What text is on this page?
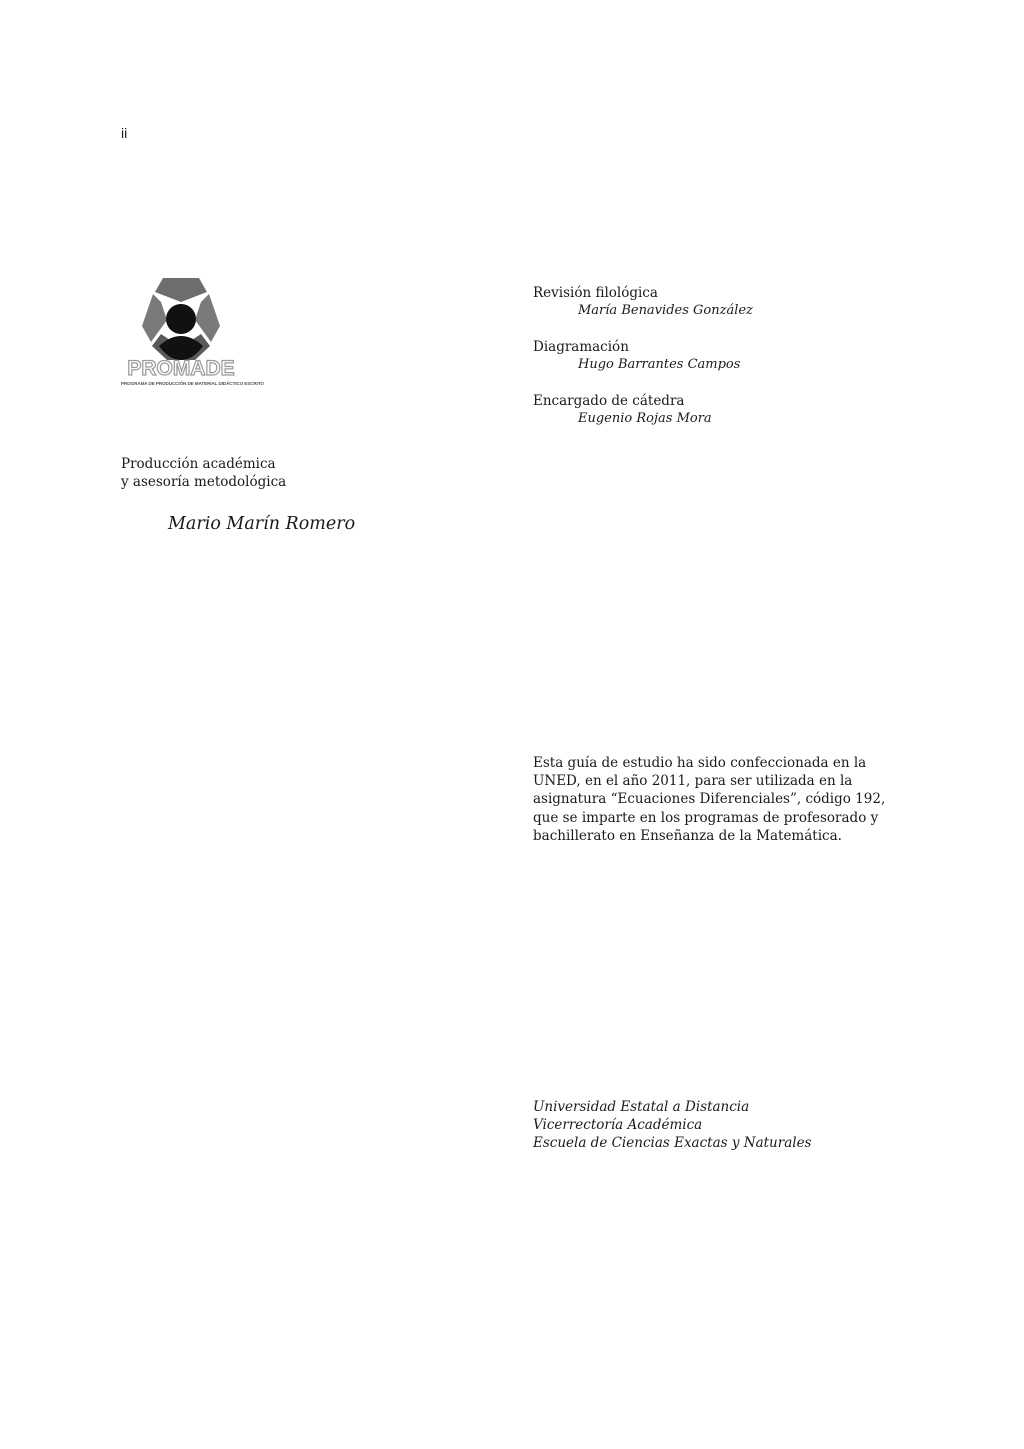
ii
PROMADE
PROGRAMA DE PRODUCCIÓN DE MATERIAL DIDÁCTICO ESCRITO
Producción académica
y asesoría metodológica
Mario Marín Romero
Revisión filológica
María Benavides González
Diagramación
Hugo Barrantes Campos
Encargado de cátedra
Eugenio Rojas Mora
Esta guía de estudio ha sido confeccionada en la UNED, en el año 2011, para ser utilizada en la asignatura “Ecuaciones Diferenciales”, código 192, que se imparte en los programas de profesorado y bachillerato en Enseñanza de la Matemática.
Universidad Estatal a Distancia
Vicerrectoría Académica
Escuela de Ciencias Exactas y Naturales
